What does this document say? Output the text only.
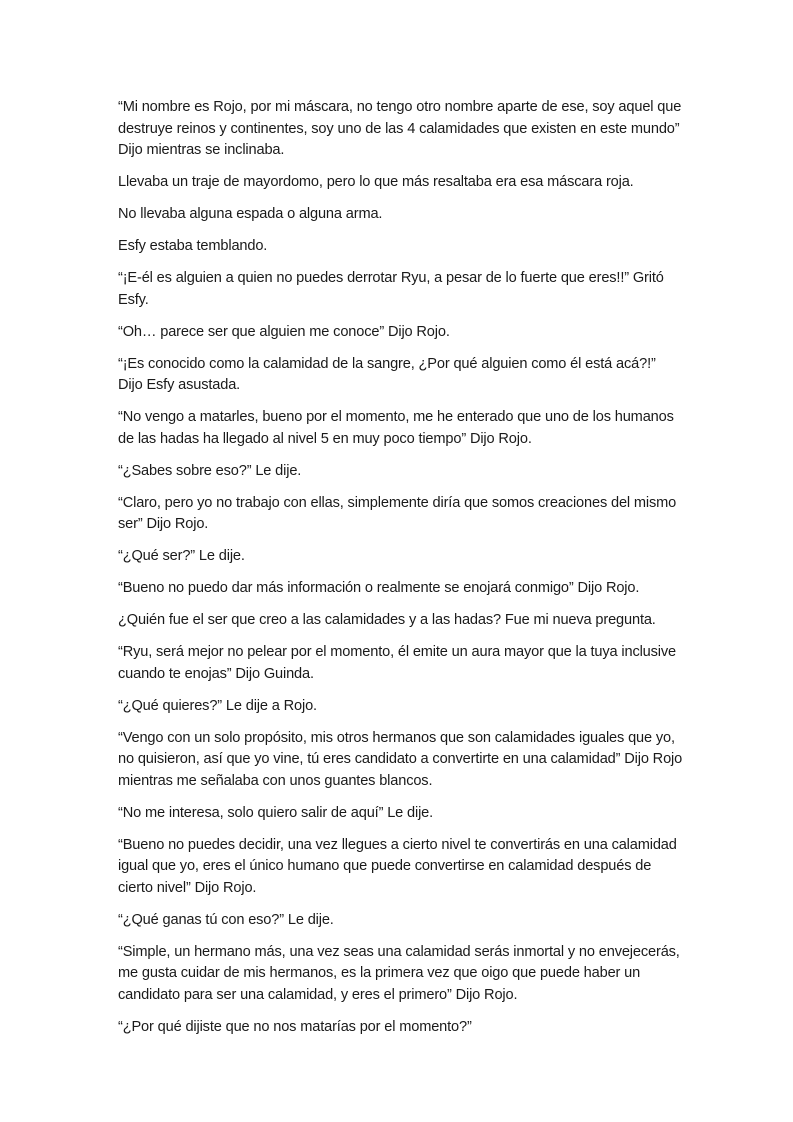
“Mi nombre es Rojo, por mi máscara, no tengo otro nombre aparte de ese, soy aquel que destruye reinos y continentes, soy uno de las 4 calamidades que existen en este mundo” Dijo mientras se inclinaba.

Llevaba un traje de mayordomo, pero lo que más resaltaba era esa máscara roja.

No llevaba alguna espada o alguna arma.

Esfy estaba temblando.

“¡E-él es alguien a quien no puedes derrotar Ryu, a pesar de lo fuerte que eres!!” Gritó Esfy.

“Oh… parece ser que alguien me conoce” Dijo Rojo.

“¡Es conocido como la calamidad de la sangre, ¿Por qué alguien como él está acá?!” Dijo Esfy asustada.

“No vengo a matarles, bueno por el momento, me he enterado que uno de los humanos de las hadas ha llegado al nivel 5 en muy poco tiempo” Dijo Rojo.

“¿Sabes sobre eso?” Le dije.

“Claro, pero yo no trabajo con ellas, simplemente diría que somos creaciones del mismo ser” Dijo Rojo.

“¿Qué ser?” Le dije.

“Bueno no puedo dar más información o realmente se enojará conmigo” Dijo Rojo.

¿Quién fue el ser que creo a las calamidades y a las hadas? Fue mi nueva pregunta.

“Ryu, será mejor no pelear por el momento, él emite un aura mayor que la tuya inclusive cuando te enojas” Dijo Guinda.

“¿Qué quieres?” Le dije a Rojo.

“Vengo con un solo propósito, mis otros hermanos que son calamidades iguales que yo, no quisieron, así que yo vine, tú eres candidato a convertirte en una calamidad” Dijo Rojo mientras me señalaba con unos guantes blancos.

“No me interesa, solo quiero salir de aquí” Le dije.

“Bueno no puedes decidir, una vez llegues a cierto nivel te convertirás en una calamidad igual que yo, eres el único humano que puede convertirse en calamidad después de cierto nivel” Dijo Rojo.

“¿Qué ganas tú con eso?” Le dije.

“Simple, un hermano más, una vez seas una calamidad serás inmortal y no envejecerás, me gusta cuidar de mis hermanos, es la primera vez que oigo que puede haber un candidato para ser una calamidad, y eres el primero” Dijo Rojo.

“¿Por qué dijiste que no nos matarías por el momento?”
